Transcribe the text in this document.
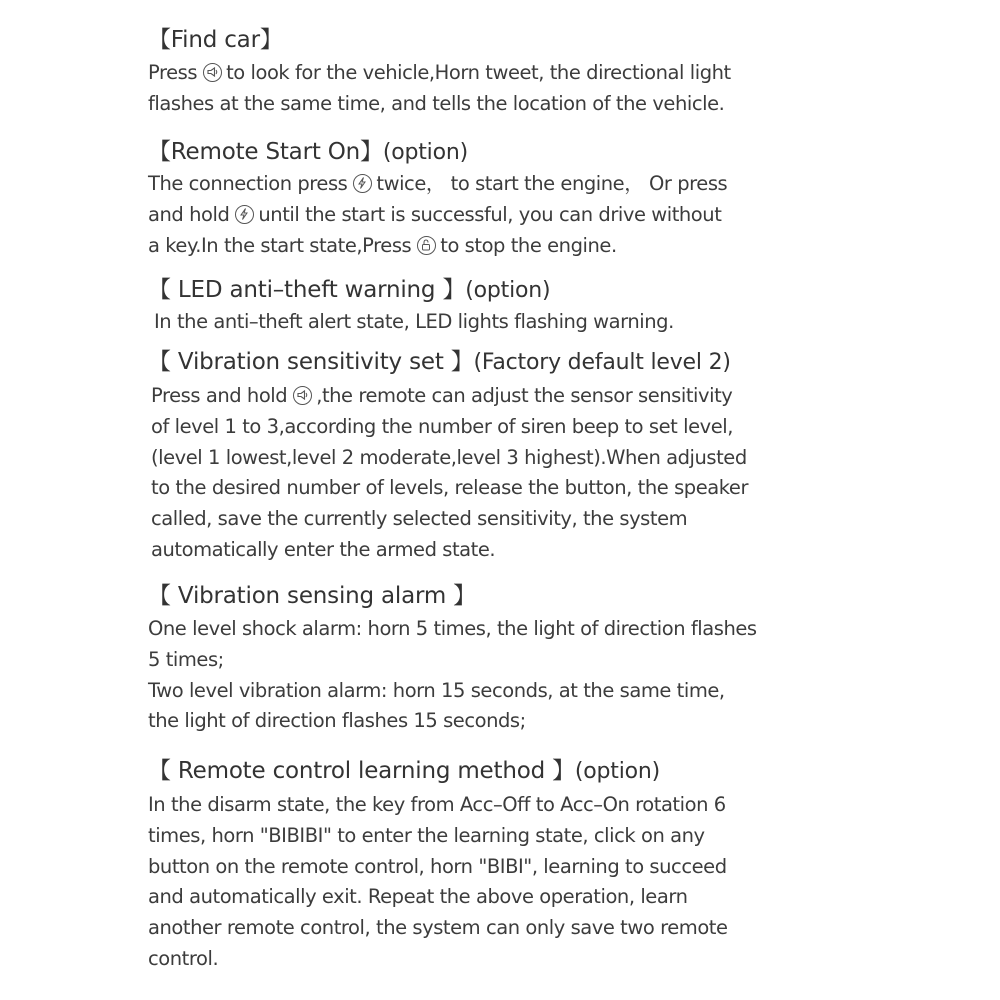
【Find car】
Press to look for the vehicle,Horn tweet, the directional light
flashes at the same time, and tells the location of the vehicle.
【Remote Start On】(option)
The connection press twice， to start the engine， Or press
and hold until the start is successful, you can drive without
a key.In the start state,Press to stop the engine.
【 LED anti–theft warning 】(option)
In the anti–theft alert state, LED lights flashing warning.
【 Vibration sensitivity set 】(Factory default level 2)
Press and hold ,the remote can adjust the sensor sensitivity
of level 1 to 3,according the number of siren beep to set level,
(level 1 lowest,level 2 moderate,level 3 highest).When adjusted
to the desired number of levels, release the button, the speaker
called, save the currently selected sensitivity, the system
automatically enter the armed state.
【 Vibration sensing alarm 】
One level shock alarm: horn 5 times, the light of direction flashes
5 times;
Two level vibration alarm: horn 15 seconds, at the same time,
the light of direction flashes 15 seconds;
【 Remote control learning method 】(option)
In the disarm state, the key from Acc–Off to Acc–On rotation 6
times, horn "BIBIBI" to enter the learning state, click on any
button on the remote control, horn "BIBI", learning to succeed
and automatically exit. Repeat the above operation, learn
another remote control, the system can only save two remote
control.
